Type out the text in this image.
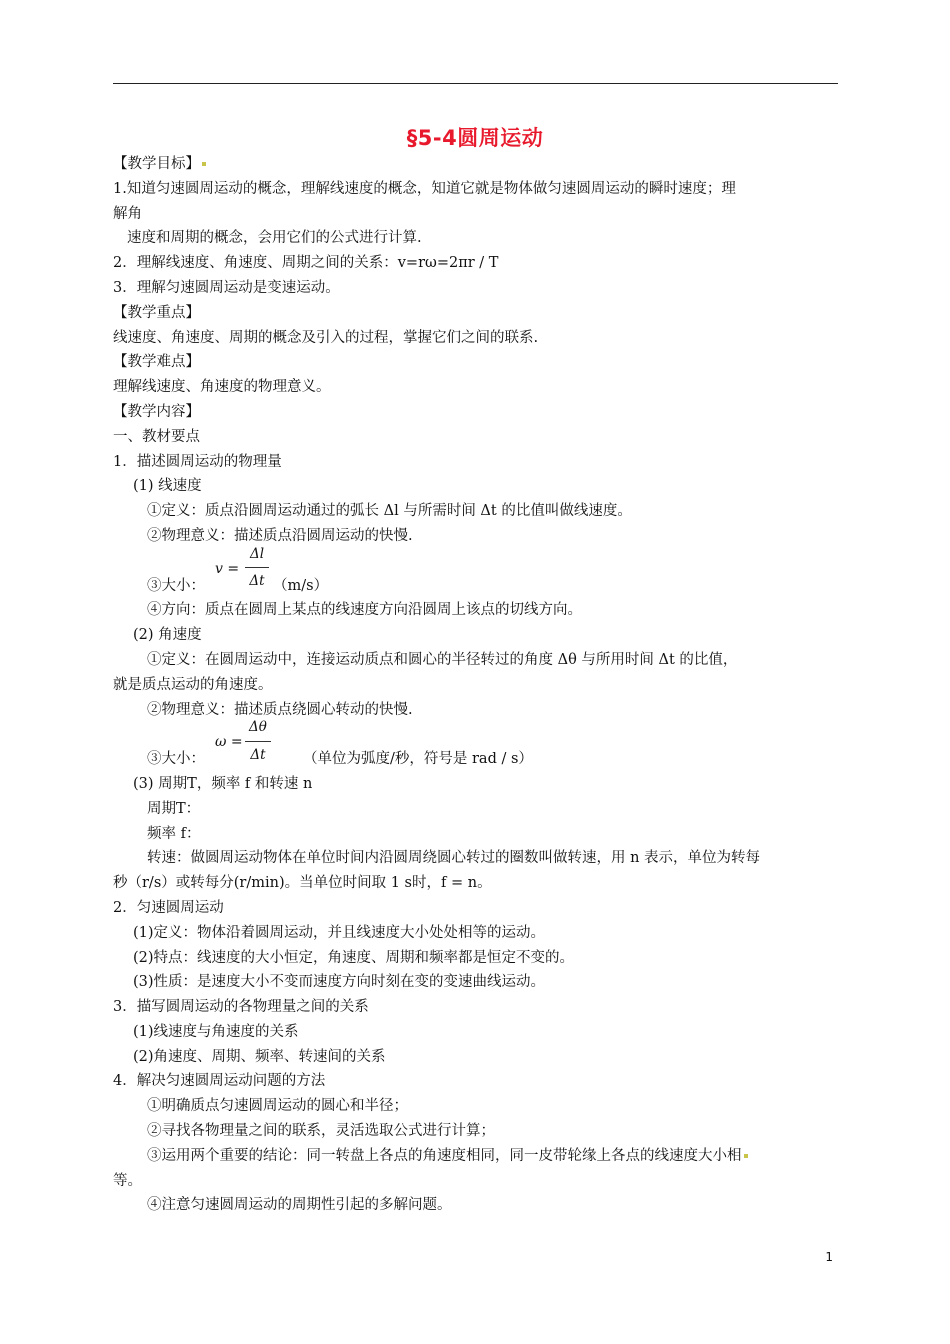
§5-4圆周运动
【教学目标】
1.知道匀速圆周运动的概念，理解线速度的概念，知道它就是物体做匀速圆周运动的瞬时速度；理
解角
速度和周期的概念，会用它们的公式进行计算.
2．理解线速度、角速度、周期之间的关系：v=rω=2πr / T
3．理解匀速圆周运动是变速运动。
【教学重点】
线速度、角速度、周期的概念及引入的过程，掌握它们之间的联系.
【教学难点】
理解线速度、角速度的物理意义。
【教学内容】
一、教材要点
1．描述圆周运动的物理量
(1) 线速度
①定义：质点沿圆周运动通过的弧长 Δl 与所需时间 Δt 的比值叫做线速度。
②物理意义：描述质点沿圆周运动的快慢.
③大小：
v =
Δl
Δt （m/s）
④方向：质点在圆周上某点的线速度方向沿圆周上该点的切线方向。
(2) 角速度
①定义：在圆周运动中，连接运动质点和圆心的半径转过的角度 Δθ 与所用时间 Δt 的比值，
就是质点运动的角速度。
②物理意义：描述质点绕圆心转动的快慢.
③大小：
ω =
Δθ
Δt	（单位为弧度/秒，符号是 rad / s）
(3) 周期T，频率 f 和转速 n
周期T：
频率 f：
转速：做圆周运动物体在单位时间内沿圆周绕圆心转过的圈数叫做转速，用 n 表示，单位为转每
秒（r/s）或转每分(r/min)。当单位时间取 1 s时，f = n。
2．匀速圆周运动
(1)定义：物体沿着圆周运动，并且线速度大小处处相等的运动。
(2)特点：线速度的大小恒定，角速度、周期和频率都是恒定不变的。
(3)性质：是速度大小不变而速度方向时刻在变的变速曲线运动。
3．描写圆周运动的各物理量之间的关系
(1)线速度与角速度的关系
(2)角速度、周期、频率、转速间的关系
4．解决匀速圆周运动问题的方法
①明确质点匀速圆周运动的圆心和半径；
②寻找各物理量之间的联系，灵活选取公式进行计算；
③运用两个重要的结论：同一转盘上各点的角速度相同，同一皮带轮缘上各点的线速度大小相
等。
④注意匀速圆周运动的周期性引起的多解问题。
1
